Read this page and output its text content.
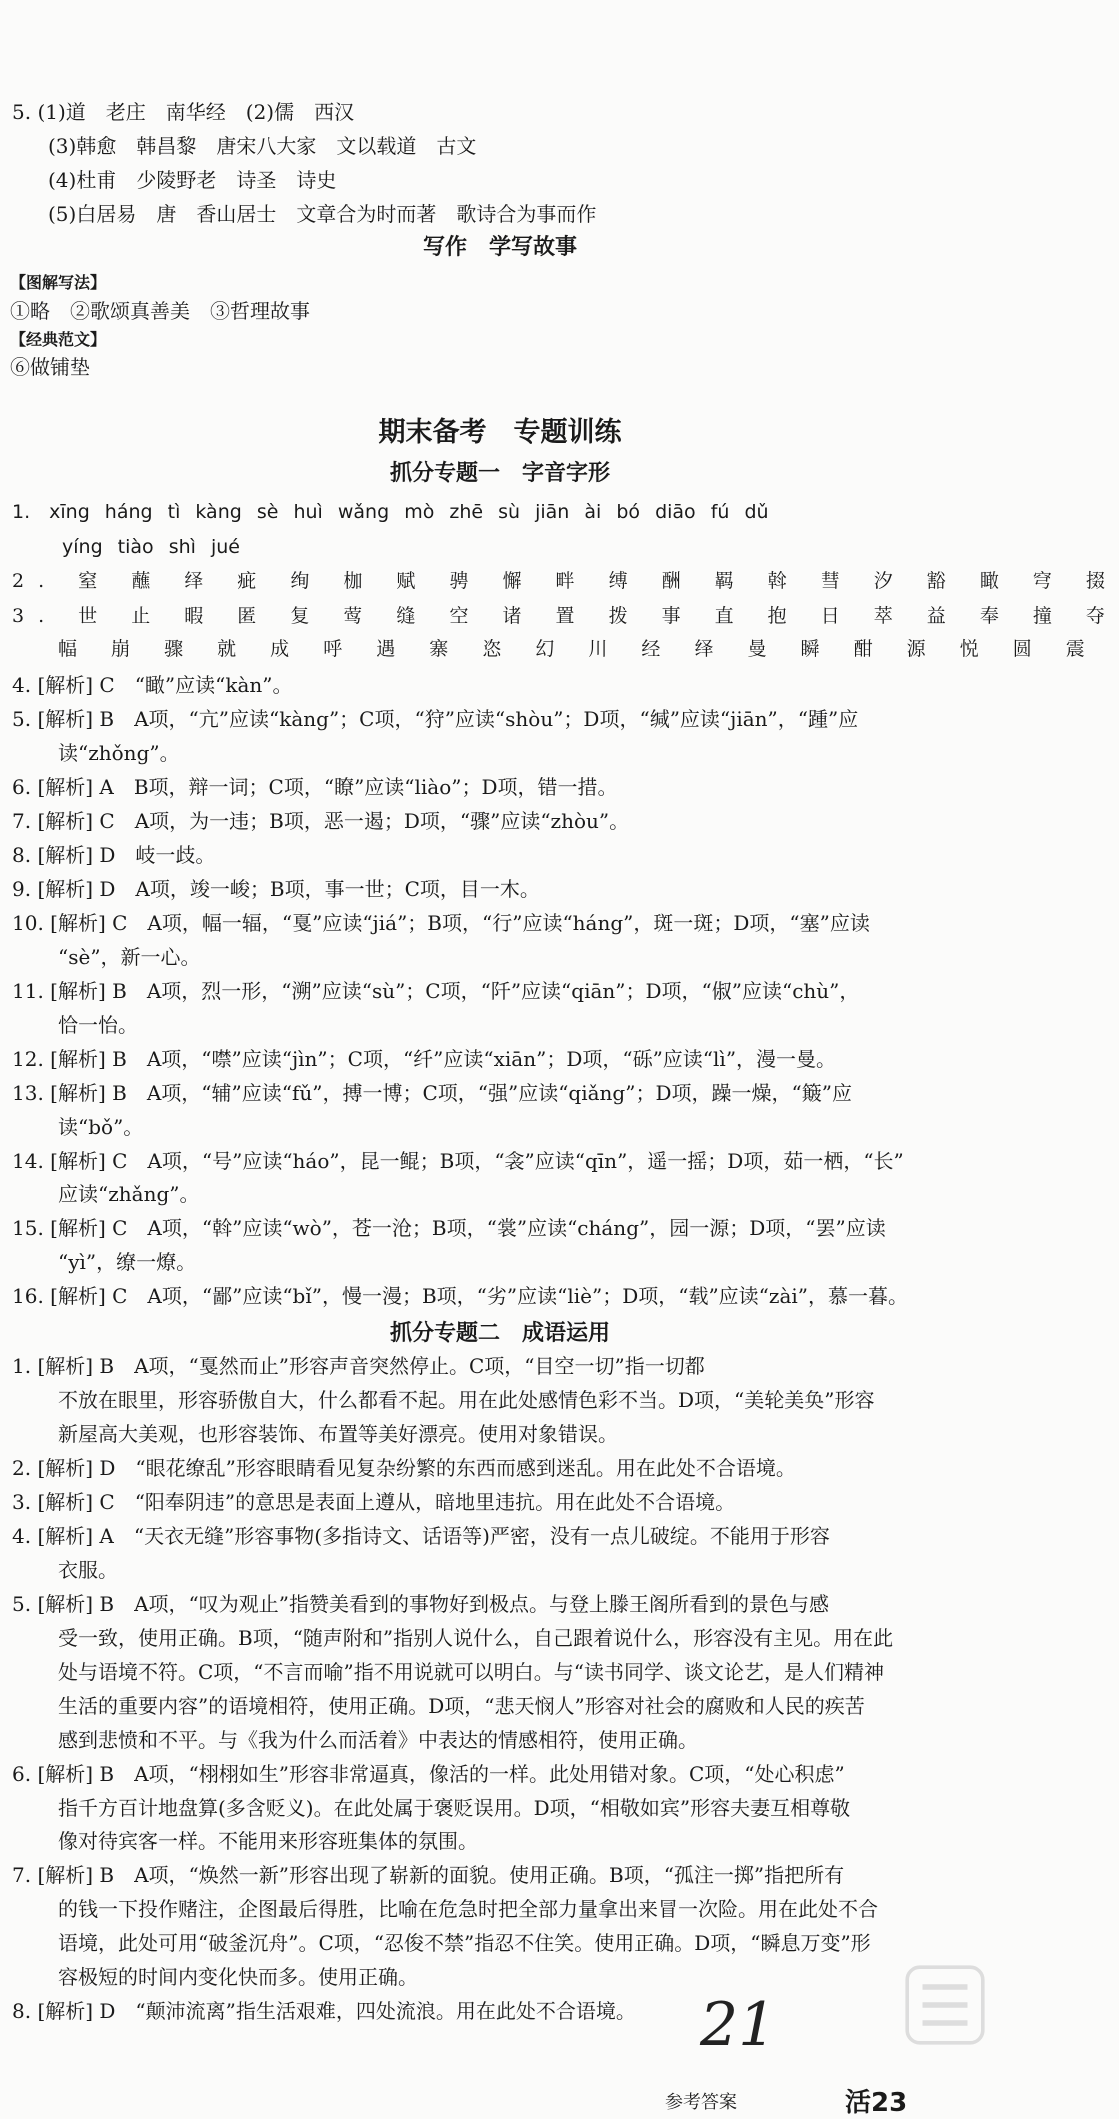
5. (1)道　老庄　南华经　(2)儒　西汉
(3)韩愈　韩昌黎　唐宋八大家　文以载道　古文
(4)杜甫　少陵野老　诗圣　诗史
(5)白居易　唐　香山居士　文章合为时而著　歌诗合为事而作
写作　学写故事
【图解写法】
①略　②歌颂真善美　③哲理故事
【经典范文】
⑥做铺垫
期末备考　专题训练
抓分专题一　字音字形
1.　xīng háng tì kàng sè huì wǎng mò zhē sù jiān ài bó diāo fú dǔ
yíng tiào shì jué
2. 窒 蘸 绎 疵 绚 枷 赋 骋 懈 畔 缚 酬 羁 斡 彗 汐 豁 瞰 穹 掇
3. 世 止 暇 匿 复 莺 缝 空 诸 置 拨 事 直 抱 日 萃 益 奉 撞 夺
幅 崩 骤 就 成 呼 遇 寨 恣 幻 川 经 绎 曼 瞬 酣 源 悦 圆 震
4. [解析] C　“瞰”应读“kàn”。
5. [解析] B　A项，“亢”应读“kàng”；C项，“狩”应读“shòu”；D项，“缄”应读“jiān”，“踵”应
读“zhǒng”。
6. [解析] A　B项，辩一词；C项，“瞭”应读“liào”；D项，错一措。
7. [解析] C　A项，为一违；B项，恶一遏；D项，“骤”应读“zhòu”。
8. [解析] D　岐一歧。
9. [解析] D　A项，竣一峻；B项，事一世；C项，目一木。
10. [解析] C　A项，幅一辐，“戛”应读“jiá”；B项，“行”应读“háng”，斑一斑；D项，“塞”应读
“sè”，新一心。
11. [解析] B　A项，烈一形，“溯”应读“sù”；C项，“阡”应读“qiān”；D项，“俶”应读“chù”，
恰一怡。
12. [解析] B　A项，“噤”应读“jìn”；C项，“纤”应读“xiān”；D项，“砾”应读“lì”，漫一曼。
13. [解析] B　A项，“辅”应读“fǔ”，搏一博；C项，“强”应读“qiǎng”；D项，躁一燥，“簸”应
读“bǒ”。
14. [解析] C　A项，“号”应读“háo”，昆一鲲；B项，“衾”应读“qīn”，遥一摇；D项，茹一栖，“长”
应读“zhǎng”。
15. [解析] C　A项，“斡”应读“wò”，苍一沧；B项，“裳”应读“cháng”，园一源；D项，“罢”应读
“yì”，缭一燎。
16. [解析] C　A项，“鄙”应读“bǐ”，慢一漫；B项，“劣”应读“liè”；D项，“载”应读“zài”，慕一暮。
抓分专题二　成语运用
1. [解析] B　A项，“戛然而止”形容声音突然停止。C项，“目空一切”指一切都
不放在眼里，形容骄傲自大，什么都看不起。用在此处感情色彩不当。D项，“美轮美奂”形容
新屋高大美观，也形容装饰、布置等美好漂亮。使用对象错误。
2. [解析] D　“眼花缭乱”形容眼睛看见复杂纷繁的东西而感到迷乱。用在此处不合语境。
3. [解析] C　“阳奉阴违”的意思是表面上遵从，暗地里违抗。用在此处不合语境。
4. [解析] A　“天衣无缝”形容事物(多指诗文、话语等)严密，没有一点儿破绽。不能用于形容
衣服。
5. [解析] B　A项，“叹为观止”指赞美看到的事物好到极点。与登上滕王阁所看到的景色与感
受一致，使用正确。B项，“随声附和”指别人说什么，自己跟着说什么，形容没有主见。用在此
处与语境不符。C项，“不言而喻”指不用说就可以明白。与“读书同学、谈文论艺，是人们精神
生活的重要内容”的语境相符，使用正确。D项，“悲天悯人”形容对社会的腐败和人民的疾苦
感到悲愤和不平。与《我为什么而活着》中表达的情感相符，使用正确。
6. [解析] B　A项，“栩栩如生”形容非常逼真，像活的一样。此处用错对象。C项，“处心积虑”
指千方百计地盘算(多含贬义)。在此处属于褒贬误用。D项，“相敬如宾”形容夫妻互相尊敬
像对待宾客一样。不能用来形容班集体的氛围。
7. [解析] B　A项，“焕然一新”形容出现了崭新的面貌。使用正确。B项，“孤注一掷”指把所有
的钱一下投作赌注，企图最后得胜，比喻在危急时把全部力量拿出来冒一次险。用在此处不合
语境，此处可用“破釜沉舟”。C项，“忍俊不禁”指忍不住笑。使用正确。D项，“瞬息万变”形
容极短的时间内变化快而多。使用正确。
8. [解析] D　“颠沛流离”指生活艰难，四处流浪。用在此处不合语境。
参考答案	活23
21
